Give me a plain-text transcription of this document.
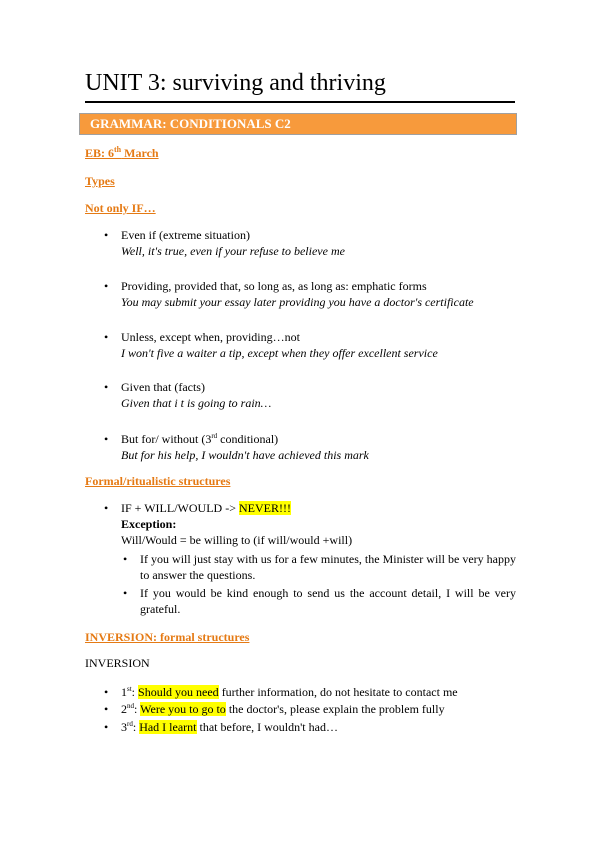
UNIT 3: surviving and thriving
GRAMMAR: CONDITIONALS C2
EB: 6th March
Types
Not only IF…
• Even if (extreme situation)
Well, it's true, even if your refuse to believe me
• Providing, provided that, so long as, as long as: emphatic forms
You may submit your essay later providing you have a doctor's certificate
• Unless, except when, providing…not
I won't five a waiter a tip, except when they offer excellent service
• Given that (facts)
Given that i t is going to rain…
• But for/ without (3rd conditional)
But for his help, I wouldn't have achieved this mark
Formal/ritualistic structures
• IF + WILL/WOULD -> NEVER!!!
Exception:
Will/Would = be willing to (if will/would +will)
• If you will just stay with us for a few minutes, the Minister will be very happy to answer the questions.
• If you would be kind enough to send us the account detail, I will be very grateful.
INVERSION: formal structures
INVERSION
• 1st: Should you need further information, do not hesitate to contact me
• 2nd: Were you to go to the doctor's, please explain the problem fully
• 3rd: Had I learnt that before, I wouldn't had…
